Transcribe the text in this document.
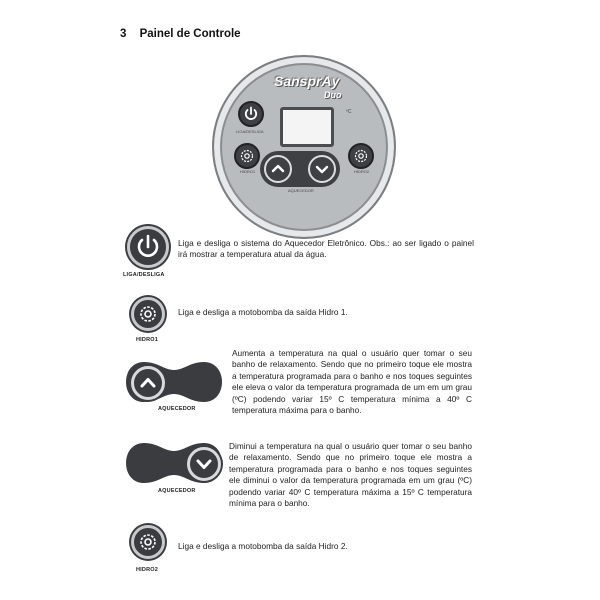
3 Painel de Controle
SansprAy
Duo
LIGA/DESLIGA
ºC
HIDRO1
AQUECEDOR
HIDRO2
LIGA/DESLIGA
Liga e desliga o sistema do Aquecedor Eletrônico. Obs.: ao ser ligado o painel irá mostrar a temperatura atual da água.
HIDRO1
Liga e desliga a motobomba da saída Hidro 1.
AQUECEDOR
Aumenta a temperatura na qual o usuário quer tomar o seu banho de relaxamento. Sendo que no primeiro toque ele mostra a temperatura programada para o banho e nos toques seguintes ele eleva o valor da temperatura programada de um em um grau (ºC) podendo variar 15º C temperatura mínima a 40º C temperatura máxima para o banho.
AQUECEDOR
Diminui a temperatura na qual o usuário quer tomar o seu banho de relaxamento. Sendo que no primeiro toque ele mostra a temperatura programada para o banho e nos toques seguintes ele diminui o valor da temperatura programada em um grau (ºC) podendo variar 40º C temperatura máxima a 15º C temperatura mínima para o banho.
HIDRO2
Liga e desliga a motobomba da saída Hidro 2.
